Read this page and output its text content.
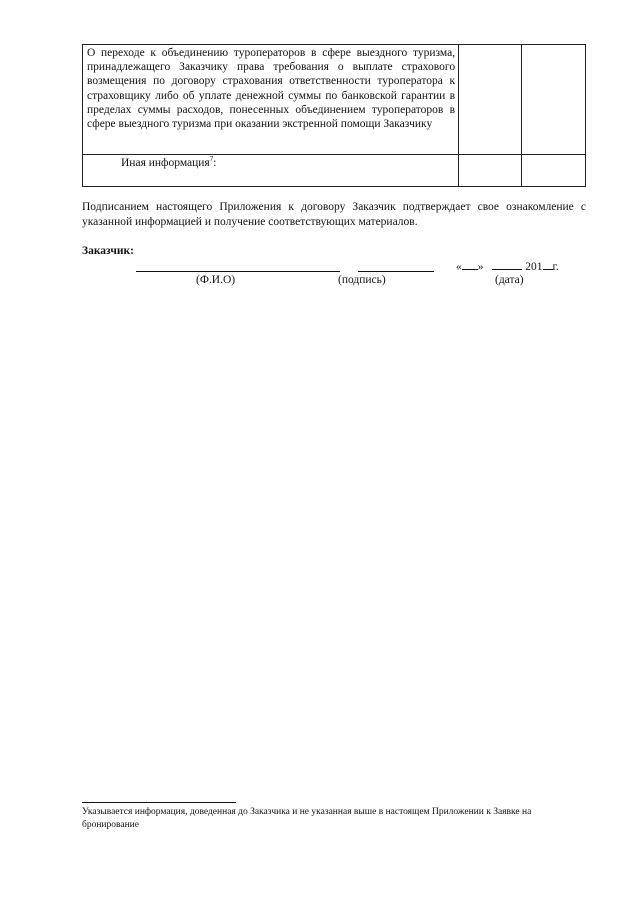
О переходе к объединению туроператоров в сфере выездного туризма, принадлежащего Заказчику права требования о выплате страхового возмещения по договору страхования ответственности туроператора к страховщику либо об уплате денежной суммы по банковской гарантии в пределах суммы расходов, понесенных объединением туроператоров в сфере выездного туризма при оказании экстренной помощи Заказчику		
Иная информация$^7$:		
Подписанием настоящего Приложения к договору Заказчик подтверждает свое ознакомление с указанной информацией и получение соответствующих материалов.
Заказчик:
(Ф.И.О)	(подпись)
« »	201 г.
(дата)
Указывается информация, доведенная до Заказчика и не указанная выше в настоящем Приложении к Заявке на бронирование
